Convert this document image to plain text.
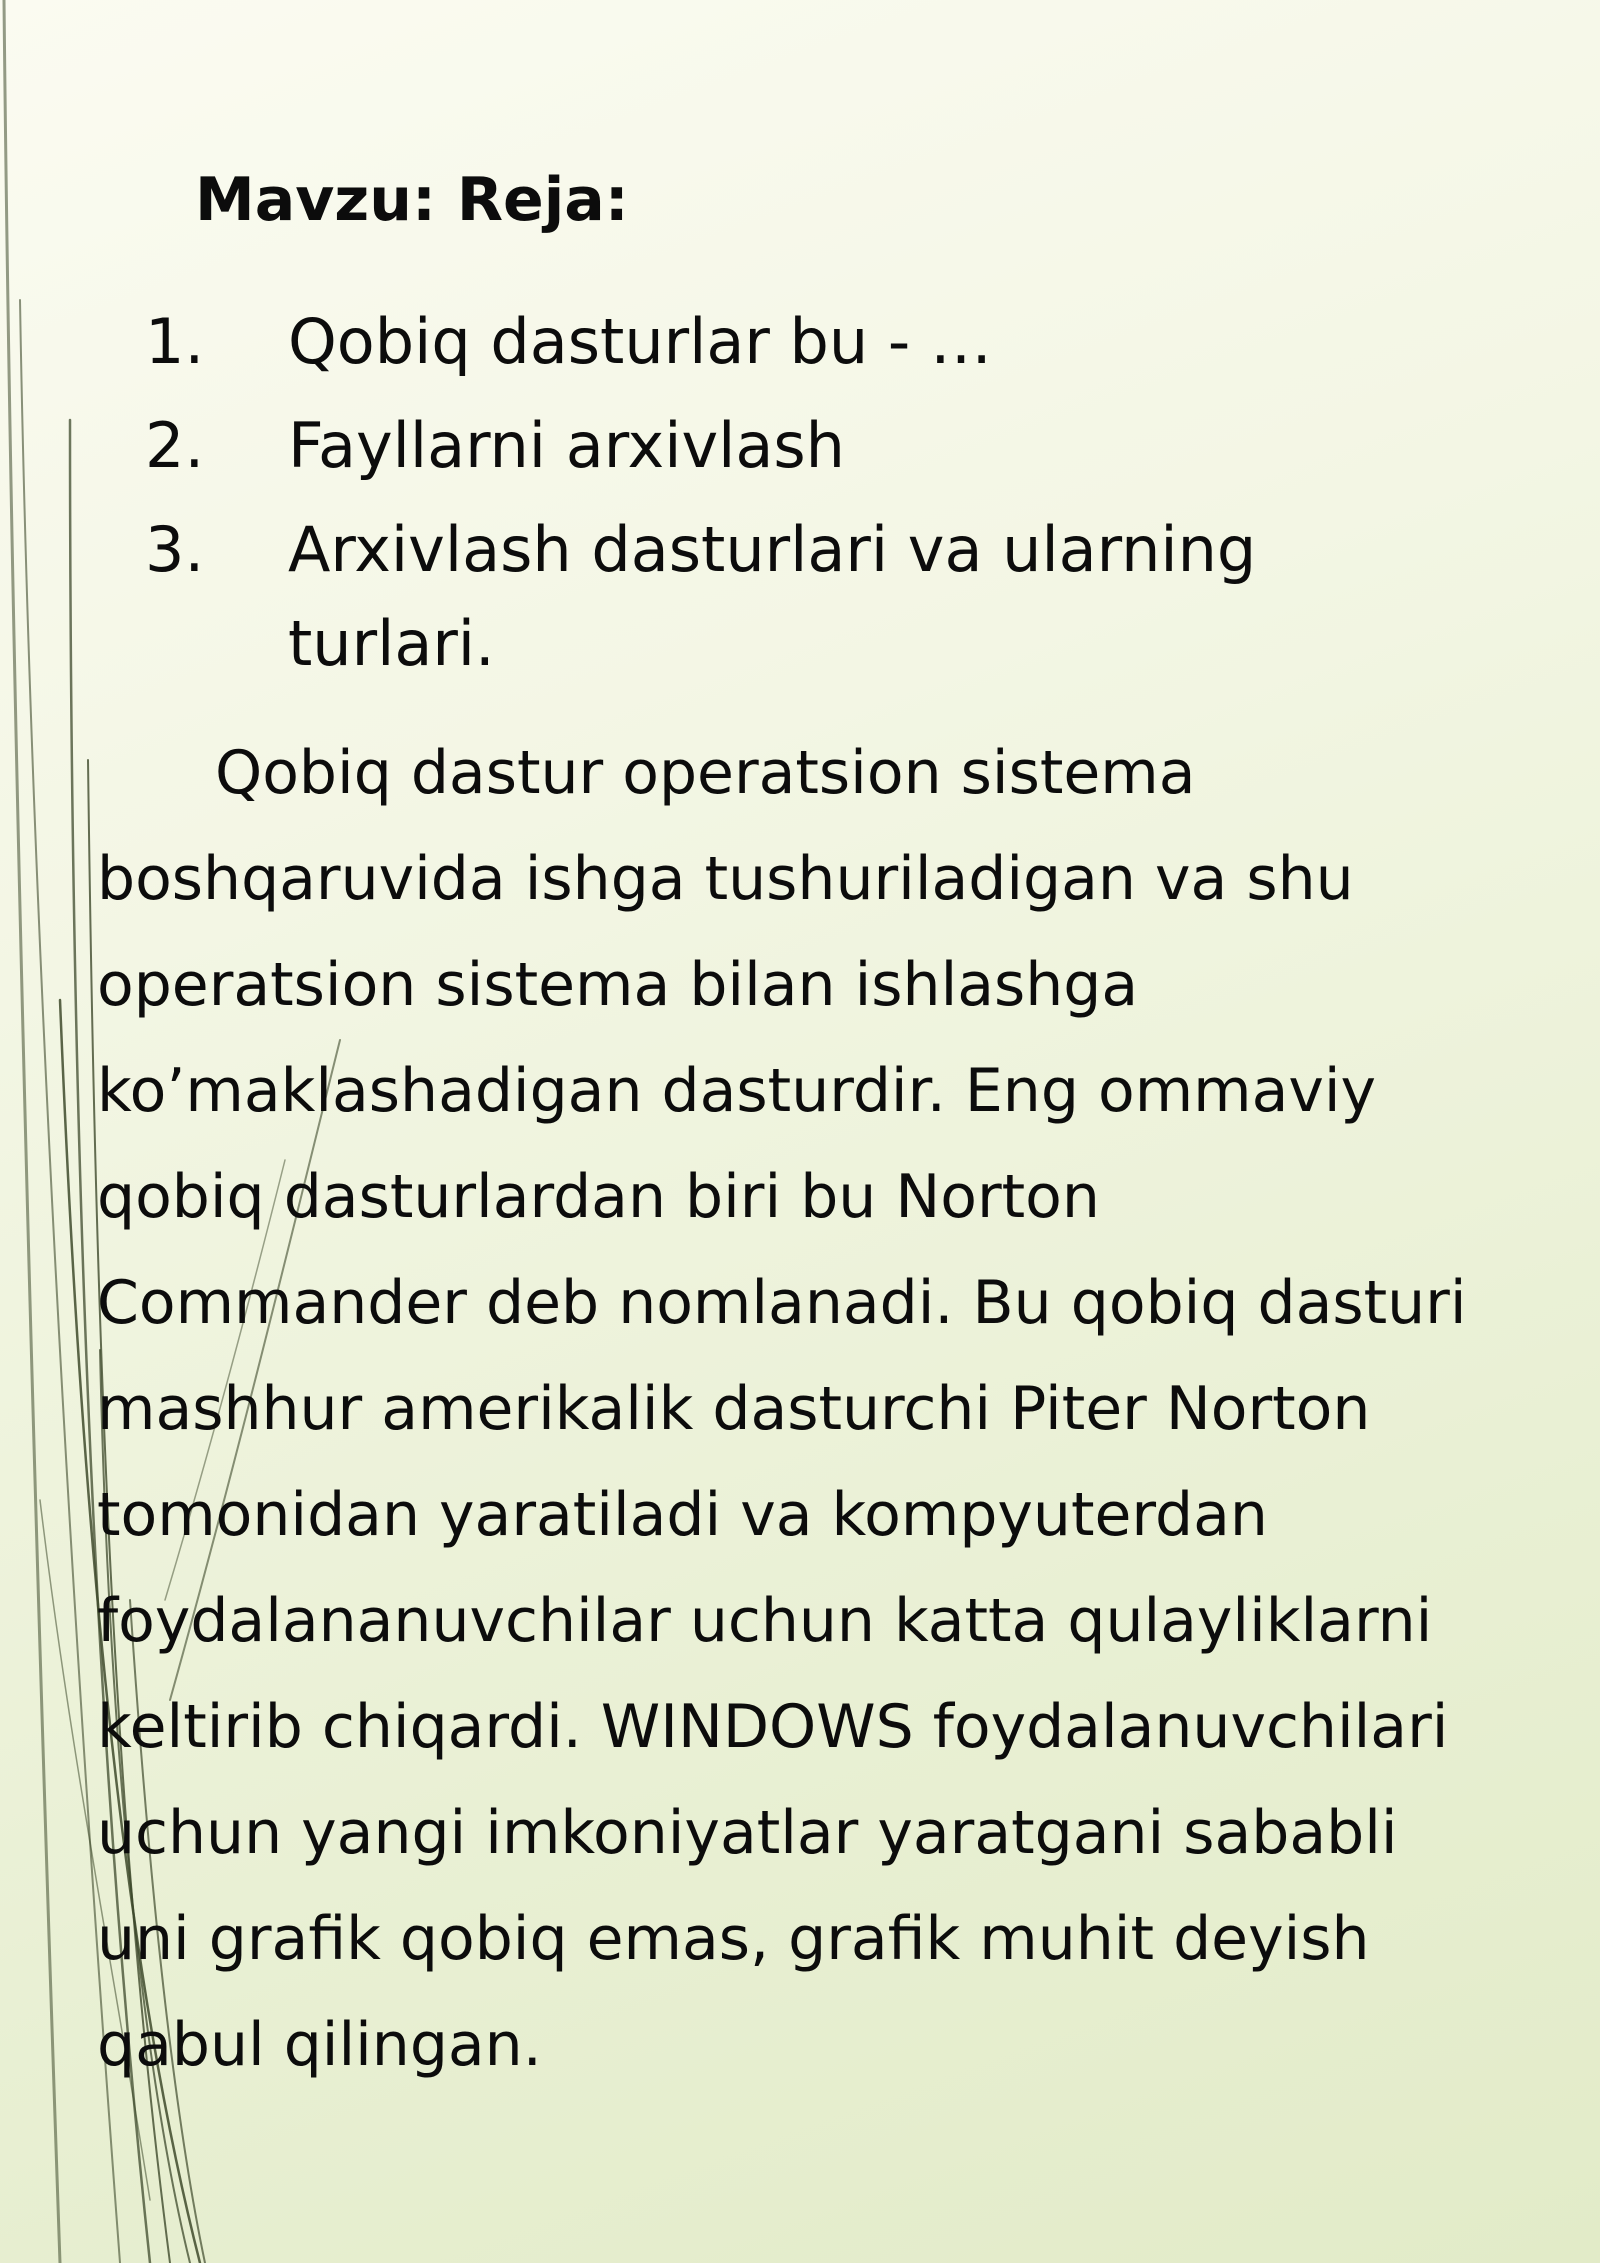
Mavzu: Reja:
1. Qobiq dasturlar bu - …
2. Fayllarni arxivlash
3. Arxivlash dasturlari va ularning turlari.

Qobiq dastur operatsion sistema
boshqaruvida ishga tushuriladigan va shu
operatsion sistema bilan ishlashga
ko’maklashadigan dasturdir. Eng ommaviy
qobiq dasturlardan biri bu Norton
Commander deb nomlanadi. Bu qobiq dasturi
mashhur amerikalik dasturchi Piter Norton
tomonidan yaratiladi va kompyuterdan
foydalananuvchilar uchun katta qulayliklarni
keltirib chiqardi. WINDOWS foydalanuvchilari
uchun yangi imkoniyatlar yaratgani sababli
uni grafik qobiq emas, grafik muhit deyish
qabul qilingan.
